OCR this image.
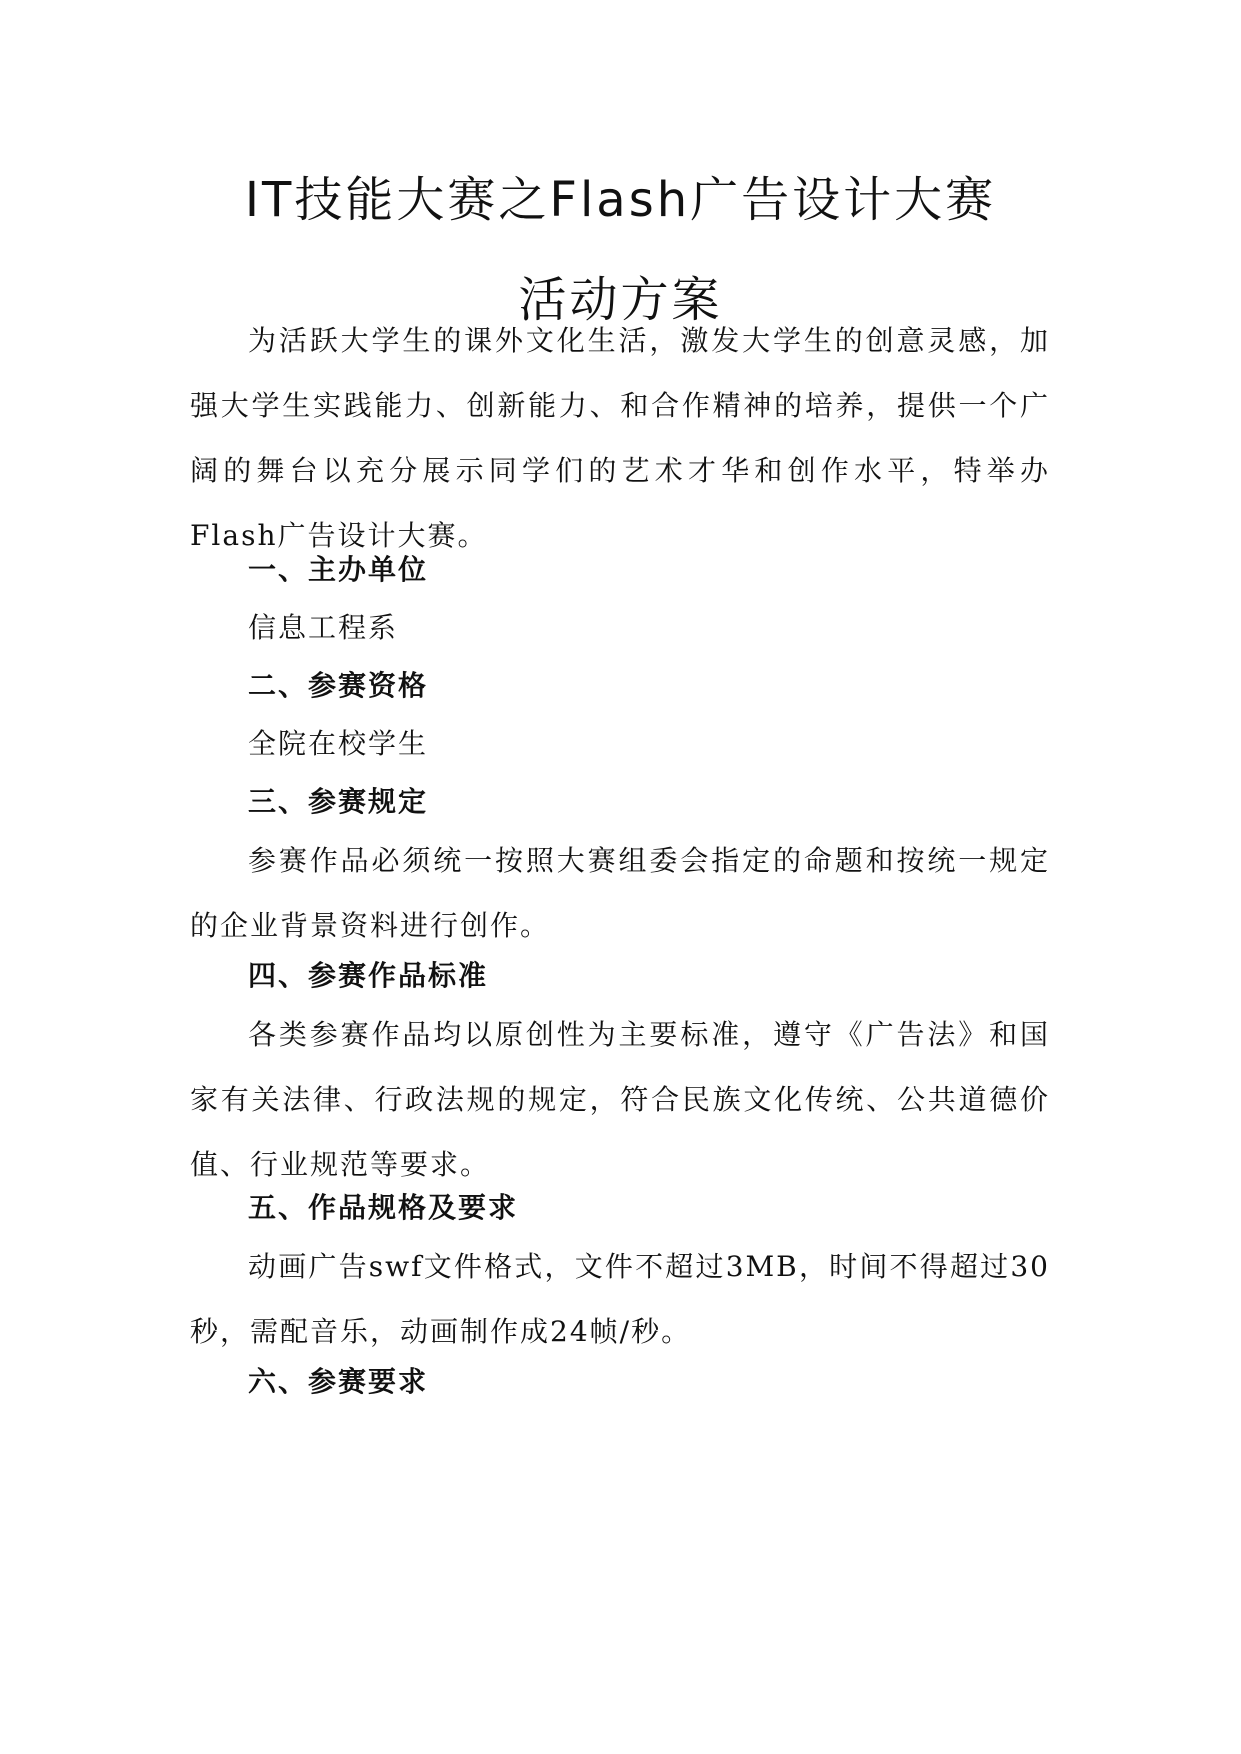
IT技能大赛之Flash广告设计大赛
活动方案

为活跃大学生的课外文化生活，激发大学生的创意灵感，加强大学生实践能力、创新能力、和合作精神的培养，提供一个广阔的舞台以充分展示同学们的艺术才华和创作水平，特举办Flash广告设计大赛。

一、主办单位
信息工程系
二、参赛资格
全院在校学生
三、参赛规定

参赛作品必须统一按照大赛组委会指定的命题和按统一规定的企业背景资料进行创作。

四、参赛作品标准

各类参赛作品均以原创性为主要标准，遵守《广告法》和国家有关法律、行政法规的规定，符合民族文化传统、公共道德价值、行业规范等要求。

五、作品规格及要求

动画广告swf文件格式，文件不超过3MB，时间不得超过30秒，需配音乐，动画制作成24帧/秒。

六、参赛要求
